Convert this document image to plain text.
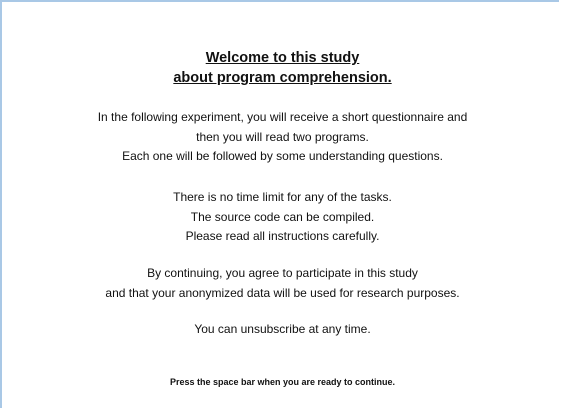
Welcome to this study
about program comprehension.
In the following experiment, you will receive a short questionnaire and
then you will read two programs.
Each one will be followed by some understanding questions.
There is no time limit for any of the tasks.
The source code can be compiled.
Please read all instructions carefully.
By continuing, you agree to participate in this study
and that your anonymized data will be used for research purposes.
You can unsubscribe at any time.
Press the space bar when you are ready to continue.
